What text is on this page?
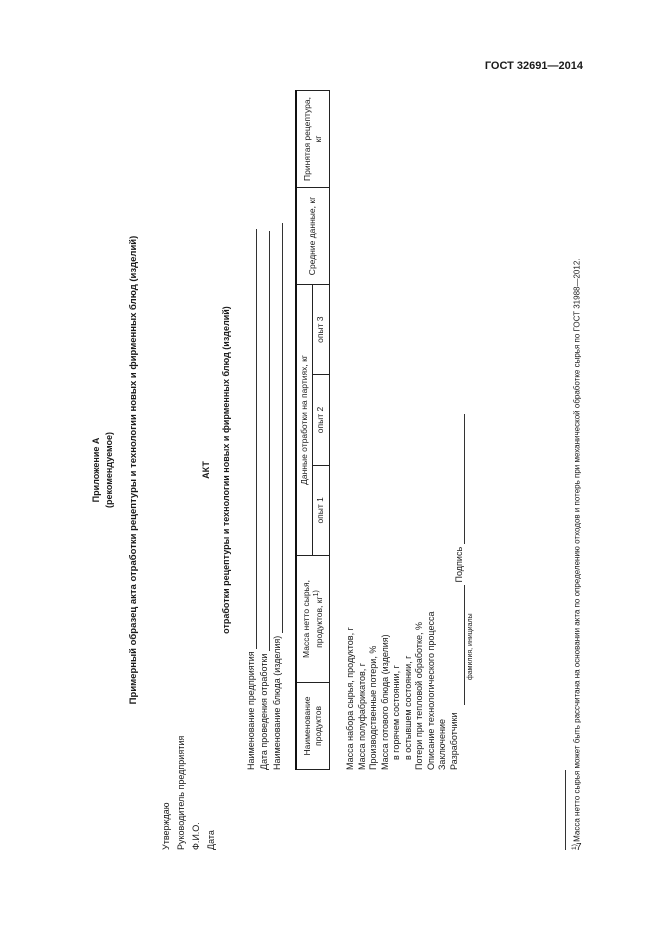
ГОСТ 32691—2014
7
Приложение А (рекомендуемое) Примерный образец акта отработки рецептуры и технологии новых и фирменных блюд (изделий)
Утверждаю Руководитель предприятия Ф.И.О. Дата
АКТ отработки рецептуры и технологии новых и фирменных блюд (изделий)
Наименование предприятия Дата проведения отработки Наименование блюда (изделия) Наименование продуктов	Масса нетто сырья, продуктов, $кг^{1)}$	Данные отработки на партиях, кг			Средние данные, кг	Принятая рецептура, кг
		опыт 1	опыт 2	опыт 3		
Масса набора сырья, продуктов, г Масса полуфабрикатов, г Производственные потери, % Масса готового блюда (изделия) в горячем состоянии, г в остывшем состоянии, г Потери при тепловой обработке, % Описание технологического процесса Заключение Разработчики
Подпись
фамилия, инициалы
$^{1)}$ Масса нетто сырья может быть рассчитана на основании акта по определению отходов и потерь при механической обработке сырья по ГОСТ 31988—2012.
